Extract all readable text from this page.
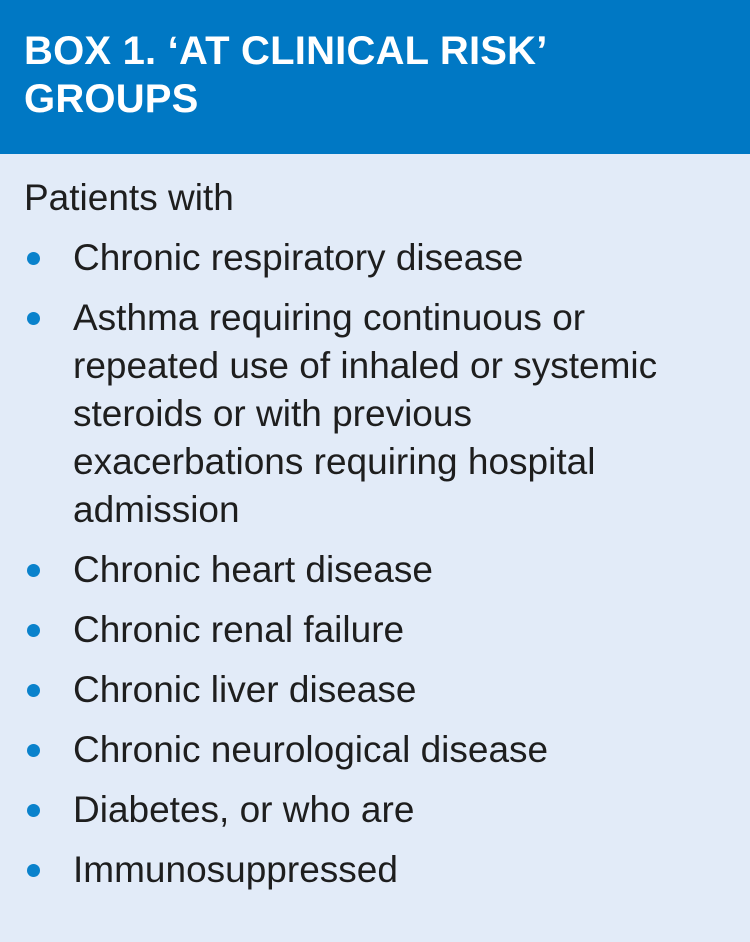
BOX 1. ‘AT CLINICAL RISK’
GROUPS

Patients with

Chronic respiratory disease
Asthma requiring continuous or repeated use of inhaled or systemic steroids or with previous exacerbations requiring hospital admission
Chronic heart disease
Chronic renal failure
Chronic liver disease
Chronic neurological disease
Diabetes, or who are
Immunosuppressed
